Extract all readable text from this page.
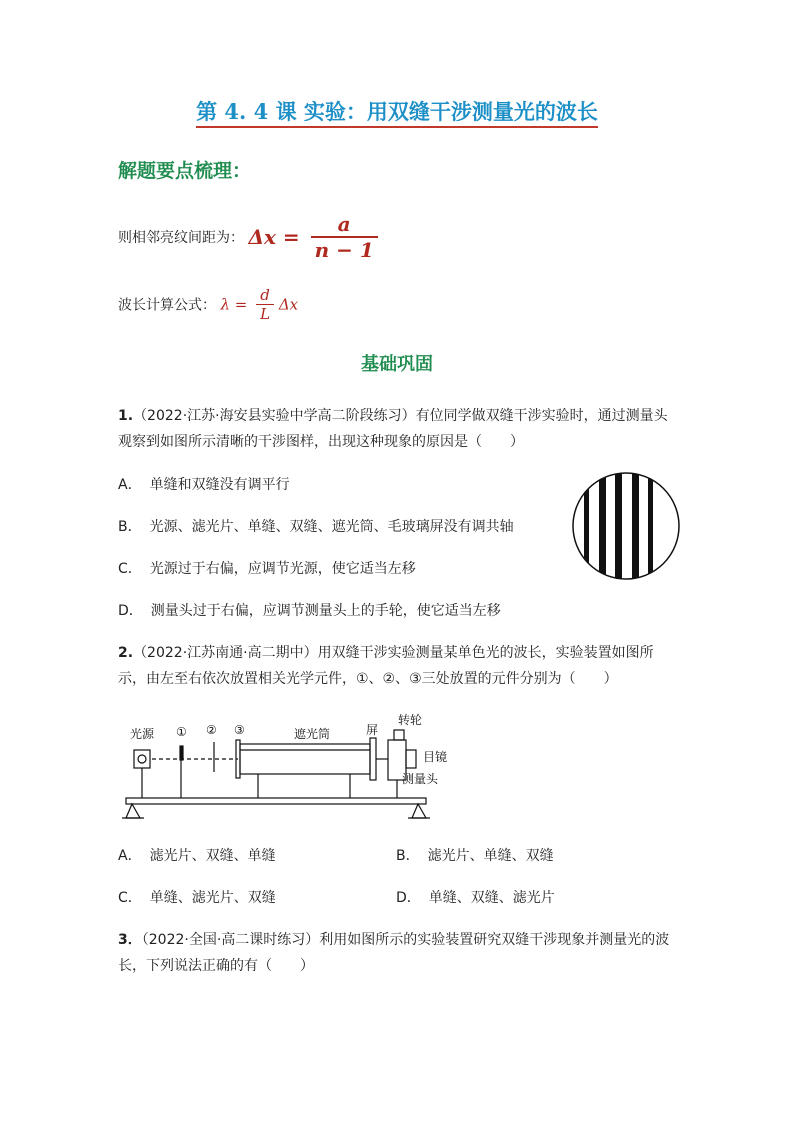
第 4. 4 课 实验：用双缝干涉测量光的波长
解题要点梳理：
则相邻亮纹间距为： $\Delta x = \frac{a}{n - 1}$
波长计算公式： $\lambda = \frac{d}{L}$ Δx
基础巩固
1.（2022·江苏·海安县实验中学高二阶段练习）有位同学做双缝干涉实验时，通过测量头观察到如图所示清晰的干涉图样，出现这种现象的原因是（　　）
A． 单缝和双缝没有调平行
B． 光源、滤光片、单缝、双缝、遮光筒、毛玻璃屏没有调共轴
C． 光源过于右偏，应调节光源，使它适当左移
D． 测量头过于右偏，应调节测量头上的手轮，使它适当左移
2.（2022·江苏南通·高二期中）用双缝干涉实验测量某单色光的波长，实验装置如图所示，由左至右依次放置相关光学元件，①、②、③三处放置的元件分别为（　　）
光源 ① ② ③	遮光筒	屏
转轮
目镜
测量头
A． 滤光片、双缝、单缝	B． 滤光片、单缝、双缝
C． 单缝、滤光片、双缝	D． 单缝、双缝、滤光片
3．（2022·全国·高二课时练习）利用如图所示的实验装置研究双缝干涉现象并测量光的波长，下列说法正确的有（　　）
